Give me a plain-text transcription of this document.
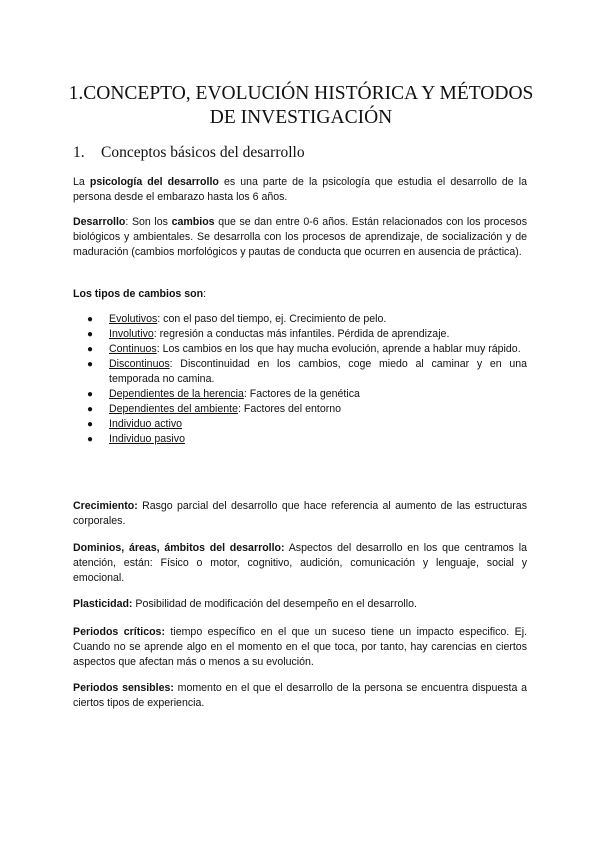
1.CONCEPTO, EVOLUCIÓN HISTÓRICA Y MÉTODOS DE INVESTIGACIÓN
1. Conceptos básicos del desarrollo

La psicología del desarrollo es una parte de la psicología que estudia el desarrollo de la persona desde el embarazo hasta los 6 años.

Desarrollo: Son los cambios que se dan entre 0-6 años. Están relacionados con los procesos biológicos y ambientales. Se desarrolla con los procesos de aprendizaje, de socialización y de maduración (cambios morfológicos y pautas de conducta que ocurren en ausencia de práctica).

Los tipos de cambios son:

● Evolutivos: con el paso del tiempo, ej. Crecimiento de pelo.
● Involutivo: regresión a conductas más infantiles. Pérdida de aprendizaje.
● Continuos: Los cambios en los que hay mucha evolución, aprende a hablar muy rápido.
● Discontinuos: Discontinuidad en los cambios, coge miedo al caminar y en una temporada no camina.
● Dependientes de la herencia: Factores de la genética
● Dependientes del ambiente: Factores del entorno
● Individuo activo
● Individuo pasivo

Crecimiento: Rasgo parcial del desarrollo que hace referencia al aumento de las estructuras corporales.

Dominios, áreas, ámbitos del desarrollo: Aspectos del desarrollo en los que centramos la atención, están: Físico o motor, cognitivo, audición, comunicación y lenguaje, social y emocional.

Plasticidad: Posibilidad de modificación del desempeño en el desarrollo.

Periodos críticos: tiempo específico en el que un suceso tiene un impacto especifico. Ej. Cuando no se aprende algo en el momento en el que toca, por tanto, hay carencias en ciertos aspectos que afectan más o menos a su evolución.

Periodos sensibles: momento en el que el desarrollo de la persona se encuentra dispuesta a ciertos tipos de experiencia.
